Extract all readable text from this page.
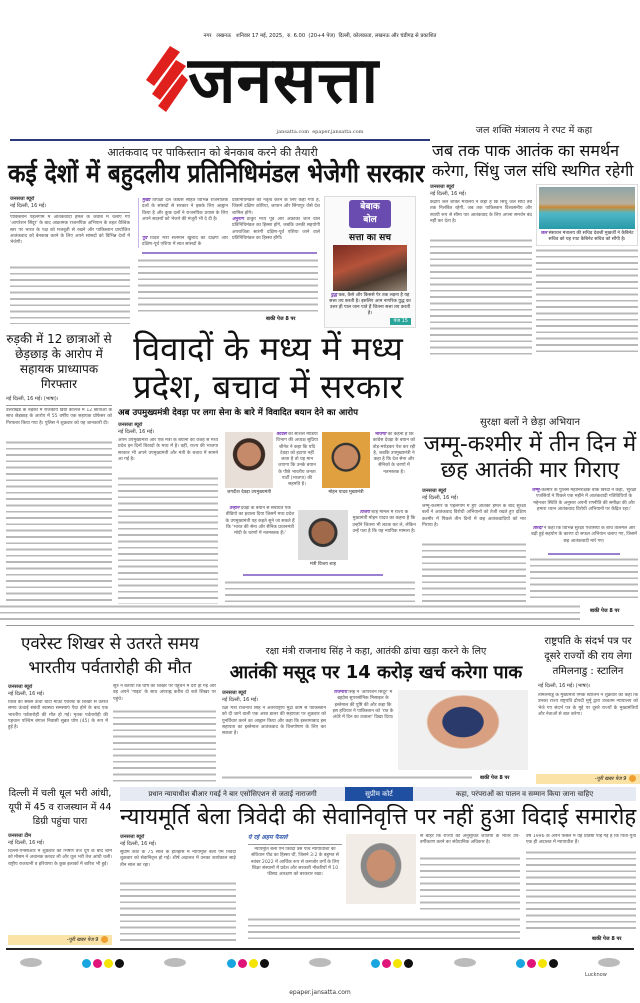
नगर   लखनऊ   शनिवार 17 मई, 2025,  रु. 6.00  (20+4 पेज)  दिल्ली, कोलकाता, लखनऊ और चंडीगढ़ से प्रकाशित
जनसत्ता
jansatta.com  epaper.jansatta.com
आतंकवाद पर पाकिस्तान को बेनकाब करने की तैयारी
कई देशों में बहुदलीय प्रतिनिधिमंडल भेजेगी सरकार
जनसत्ता ब्यूरो
नई दिल्ली, 16 मई।
पाकिस्तान पहलगाम में आतंकवादी हमले के जवाब में चलाए गए 'आपरेशन सिंदूर' के बाद आक्रामक राजनयिक अभियान के तहत वैश्विक स्तर पर भारत के पक्ष को मजबूती से रखने और पाकिस्तान प्रायोजित आतंकवाद को बेनकाब करने के लिए अपने सांसदों को विभिन्न देशों में भेजेगी।
मुख्य विपक्षी दल कांग्रेस सहित विभिन्न राजनीतिक दलों के सांसदों से सरकार ने इसके लिए आह्वान किया है और कुछ दलों ने राजनयिक प्रयास के लिए अपने सदस्यों को भेजने की मंजूरी भी दे दी है।
पूर्व विदेश मंत्री सलमान खुर्शीद को दक्षिण और दक्षिण-पूर्व एशिया में सात सांसदों के
प्रतिनिधिमंडल का नेतृत्व करने के लिए कहा गया है, जिसमें दक्षिण कोरिया, जापान और सिंगापुर जैसे देश शामिल होंगे।
अनुराग ठाकुर मध्य पूर्व और अफ्रीका जाने वाले प्रतिनिधिमंडल का हिस्सा होंगे, जबकि उनकी सहयोगी अपराजिता सारंगी दक्षिण-पूर्व एशिया जाने वाले प्रतिनिधिमंडल का हिस्सा होंगी।
बाकी पेज 8 पर
बेबाक
बोल
सत्ता का सच
युद्ध कब, कैसे और किससे पेर तक लड़ना है यह सत्ता तय करती है। इसलिए आम नागरिक युद्ध का उत्तर ही पाल जान पाते हैं जितना सत्ता तय करती है।
पेज 15
जल शक्ति मंत्रालय ने रपट में कहा
जब तक पाक आतंक का समर्थन करेगा, सिंधु जल संधि स्थगित रहेगी
जनसत्ता ब्यूरो
नई दिल्ली, 16 मई।
केंद्रीय जल शक्ति मंत्रालय ने कहा है कि सिंधु जल संधि तब तक निलंबित रहेगी, जब तक पाकिस्तान विश्वसनीय और स्थायी रूप से सीमा पार आतंकवाद के लिए अपना समर्थन बंद नहीं कर देता है।
जल संसाधन मंत्रालय की सचिव देबश्री मुखर्जी ने कैबिनेट सचिव को यह रपट कैबिनेट सचिव को सौंपी है।
रुड़की में 12 छात्राओं से छेड़छाड़ के आरोप में सहायक प्राध्यापक गिरफ्तार
नई दिल्ली, 16 मई। (भाषा)।
उत्तराखंड के रुड़की में राजकीय डिग्री कालेज में 12 छात्राओं के साथ छेड़छाड़ के आरोप में 55 वर्षीय एक सहायक प्रोफेसर को गिरफ्तार किया गया है। पुलिस ने शुक्रवार को यह जानकारी दी।
विवादों के मध्य में मध्य प्रदेश, बचाव में सरकार
अब उपमुख्यमंत्री देवड़ा पर लगा सेना के बारे में विवादित बयान देने का आरोप
जनसत्ता ब्यूरो
नई दिल्ली, 16 मई।
अपने उपमुख्यमंत्री और एक मंत्री के बयानों की वजह से मध्य प्रदेश इन दिनों विवादों के मध्य में है। वहीं, राज्य की भाजपा सरकार भी अपने उपमुख्यमंत्री और मंत्री के बचाव में सामने आ गई है।
जगदीश देवड़ा उपमुख्यमंत्री
कांग्रेस की सोशल मीडिया विभाग की अध्यक्ष सुप्रिया श्रीनेत ने कहा कि यदि देवड़ा को हटाया नहीं जाता है तो यह मान जाएगा कि उनके बयान के पीछे भारतीय जनता पार्टी (भाजपा) की सहमति है।
मोहन यादव मुख्यमंत्री
भाजपा का कहना है कि कांग्रेस देवड़ा के बयान को तोड़-मरोड़कर पेश कर रही है, जबकि उपमुख्यमंत्री ने कहा है कि देश सेना और सैनिकों के चरणों में नतमस्तक है।
उन्होंने देवड़ा के बयान से संबंधित एक वीडियो का हवाला दिया जिसमें मध्य प्रदेश के उपमुख्यमंत्री यह कहते सुने जा सकते हैं कि 'भारत की सेना और सैनिक प्रधानमंत्री मोदी के चरणों में नतमस्तक हैं।'
मंत्री विजय शाह
विजय शाह मामले में राज्य के मुख्यमंत्री मोहन यादव का कहना है कि उन्होंने जितना भी लटक कर ले, लेकिन उन्हें पता है कि यह न्यायिक मामला है।
सुरक्षा बलों ने छेड़ा अभियान
जम्मू-कश्मीर में तीन दिन में छह आतंकी मार गिराए
जनसत्ता ब्यूरो
नई दिल्ली, 16 मई।
जम्मू-कश्मीर के पहलगाम में हुए आतंकी हमले के बाद सुरक्षा बलों ने आतंकवाद विरोधी अभियानों को तेजी रखते हुए दक्षिण कश्मीर में पिछले तीन दिनों में छह आतंकवादियों को मार गिराया है।
जम्मू-कश्मीर के पुलिस महानिरीक्षक वीके बिरदी ने कहा, 'सुरक्षा एजंसियों ने पिछले एक महीने में आतंकवादी गतिविधियों के मद्देनजर स्थिति के अनुसार अपनी रणनीति की समीक्षा की और हमारा ध्यान आतंकवाद विरोधी अभियानों पर केंद्रित रहा।'
बिरदी ने कहा कि विभिन्न सुरक्षा एजंसियों के बीच तालमेल और बढ़ी हुई सहयोग के कारण दो सफल अभियान चलाए गए, जिसमें छह आतंकवादी मारे गए।
बाकी पेज 8 पर
एवरेस्ट शिखर से उतरते समय भारतीय पर्वतारोही की मौत
जनसत्ता ब्यूरो
नई दिल्ली, 16 मई।
विश्व की सबसे ऊंची चोटी माउंट एवरेस्ट के शिखर से उतरते समय ऊंचाई संबंधी स्वास्थ्य समस्याएं पैदा होने के बाद एक भारतीय पर्वतारोही की मौत हो गई। मृतक पर्वतारोही की पहचान पश्चिम बंगाल निवासी सुब्रत घोष (45) के रूप में हुई है।
सूत्र ने बताया कि घोष को शिखर पर पहुंचने में देरी हो गई और वह अपने 'गाइड' के साथ अपराह्न करीब दो बजे शिखर पर पहुंचे।
रक्षा मंत्री राजनाथ सिंह ने कहा, आतंकी ढांचा खड़ा करने के लिए
आतंकी मसूद पर 14 करोड़ खर्च करेगा पाक
जनसत्ता ब्यूरो
नई दिल्ली, 16 मई।
रक्षा मंत्री राजनाथ सिंह ने अंतरराष्ट्रीय मुद्रा कोष से पाकिस्तान को दी जाने वाली एक अरब डालर की सहायता पर शुक्रवार को पुनर्विचार करने का आह्वान किया और कहा कि इस्लामाबाद इस सहायता का इस्तेमाल आतंकवाद के वित्तपोषण के लिए कर सकता है।
राजनाथ सिंह ने 'आपरेशन सिंदूर' में ब्रह्मोस सुपरसोनिक मिसाइल के इस्तेमाल की पुष्टि की और कहा कि इस हथियार ने पाकिस्तान को 'रात के अंधेरे में दिन का उजाला' दिखा दिया।
बाकी पेज 8 पर
राष्ट्रपति के संदर्भ पत्र पर दूसरे राज्यों की राय लेगा तमिलनाडु : स्टालिन
नई दिल्ली, 16 मई। (भाषा)।
तमिलनाडु के मुख्यमंत्री एमके स्टालिन ने शुक्रवार को कहा कि उनका राज्य राष्ट्रपति द्रौपदी मुर्मू द्वारा उच्चतम न्यायालय को भेजे गए संदर्भ पत्र के मुद्दे पर दूसरे राज्यों के मुख्यमंत्रियों और नेताओं से बात करेगा।
-पूरी खबर पेज 9
दिल्ली में चली धूल भरी आंधी, यूपी में 45 व राजस्थान में 44 डिग्री पहुंचा पारा
जनसत्ता टीम
नई दिल्ली, 16 मई।
दिल्ली-एनसीआर में शुक्रवार को भिषण तेज धूप के बाद शाम को मौसम ने अचानक करवट ली और धूल भरी तेज आंधी चली। राष्ट्रीय राजधानी व हरियाणा के कुछ इलाकों में बारिश भी हुई।
-पूरी खबर पेज 9
प्रधान न्यायाधीश बीआर गवई ने बार एसोसिएशन से जताई नाराजगी	सुप्रीम कोर्ट	कहा, परंपराओं का पालन व सम्मान किया जाना चाहिए
न्यायमूर्ति बेला त्रिवेदी की सेवानिवृत्ति पर नहीं हुआ विदाई समारोह
जनसत्ता ब्यूरो
नई दिल्ली, 16 मई।
सुप्रीम कोर्ट के 75 साल के इतिहास में न्यायमूर्ति बेला एम त्रिवेदी शुक्रवार को सेवानिवृत्त हो गईं। शीर्ष अदालत में उनका कार्यकाल साढ़े तीन साल का रहा।
ये रहे अहम फैसले
न्यायमूर्ति बेला एम त्रिवेदी उस पांच न्यायाधीशों की संविधान पीठ का हिस्सा थीं, जिसने 3:2 के बहुमत से नवंबर 2022 में आर्थिक रूप से कमजोर वर्गों के लिए शिक्षा संस्थानों में प्रवेश और सरकारी नौकरियों में 10 फीसद आरक्षण को बरकरार रखा।
से बाहर कि राज्यों को अनुसूचित जातियों के भीतर उप-वर्गीकरण करने का संवैधानिक अधिकार है।
वर्ष 1996 के अपने फैसले में यह प्रतिष्ठा पाई गई है कि पिता-पुत्री एक ही अदालत में न्यायाधीश हैं।
बाकी पेज 8 पर
Lucknow
epaper.jansatta.com
